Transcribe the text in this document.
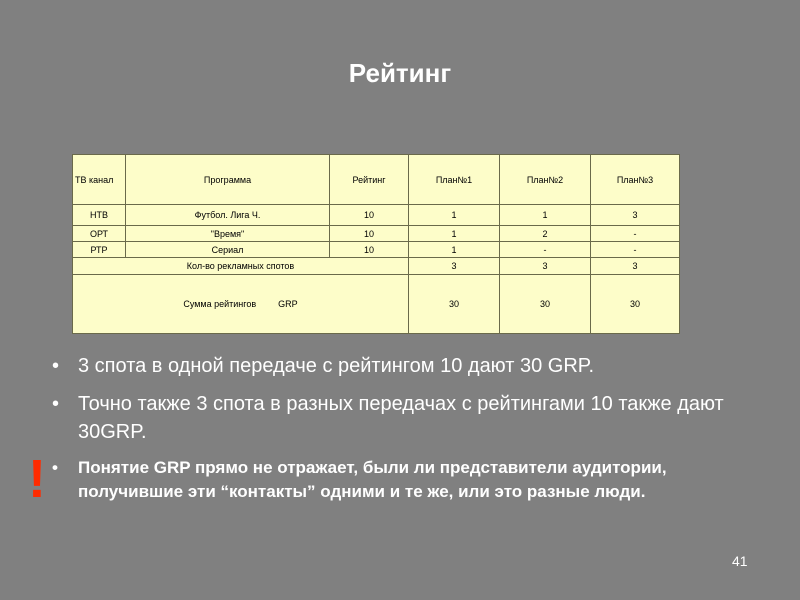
Рейтинг
ТВ канал	Программа	Рейтинг	План№1	План№2	План№3
НТВ	Футбол. Лига Ч.	10	1	1	3
ОРТ	"Время"	10	1	2	-
РТР	Сериал	10	1	-	-
Кол-во рекламных спотов			3	3	3
Сумма рейтингов GRP			30	30	30
• 3 спота в одной передаче с рейтингом 10 дают 30 GRP.
• Точно также 3 спота в разных передачах с рейтингами 10 также дают 30GRP.
• Понятие GRP прямо не отражает, были ли представители аудитории, получившие эти “контакты” одними и те же, или это разные люди.
!
41
